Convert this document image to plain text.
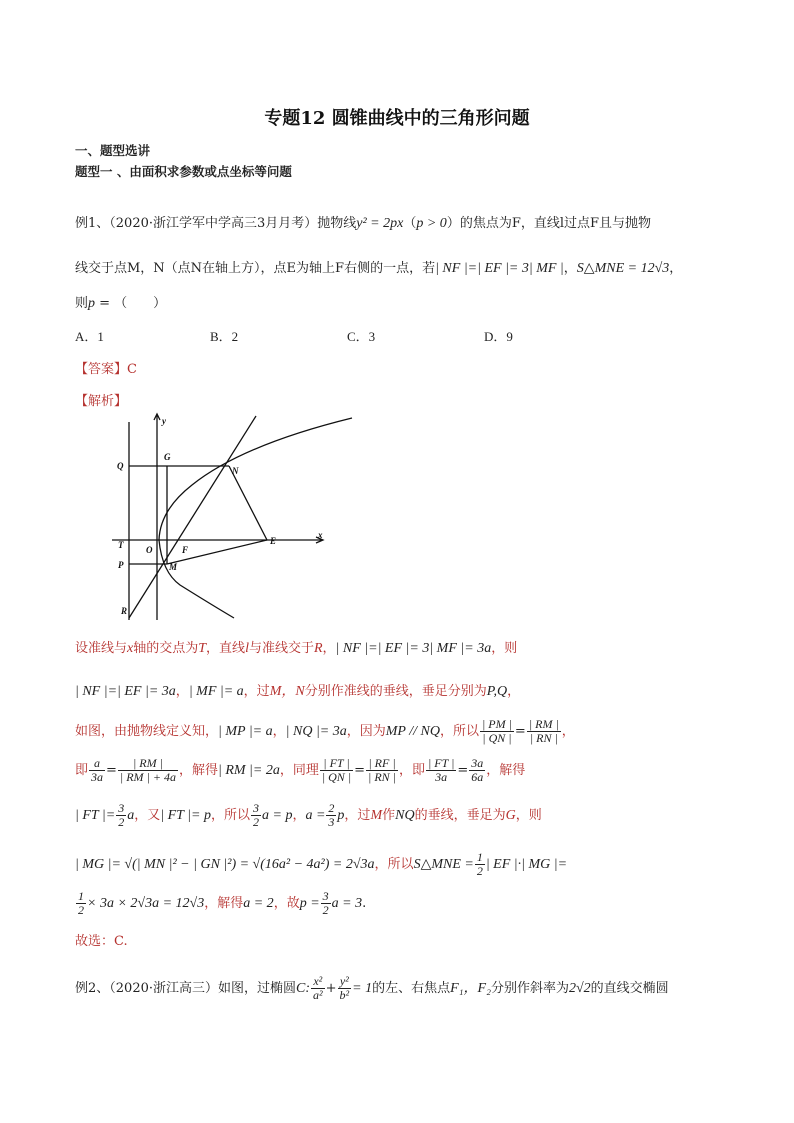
专题12 圆锥曲线中的三角形问题
一、题型选讲
题型一 、由面积求参数或点坐标等问题
例1、（2020·浙江学军中学高三3月月考）抛物线y² = 2px（p > 0）的焦点为F，直线l过点F且与抛物
线交于点M，N（点N在轴上方），点E为轴上F右侧的一点，若| NF |=| EF |= 3| MF |，S△MNE = 12√3，
则p = （　　）
A．1	B．2	C．3	D．9
【答案】C
【解析】
y
x
Q
G
N
T	O	F
E
P	M
R
设准线与x轴的交点为T，直线l与准线交于R，| NF |=| EF |= 3| MF |= 3a，则
| NF |=| EF |= 3a，| MF |= a，过M，N分别作准线的垂线，垂足分别为P,Q，
如图，由抛物线定义知，| MP |= a，| NQ |= 3a，因为MP // NQ，所以 $\frac{| PM |}{| QN |} = \frac{| RM |}{| RN |}$ ，
即 $\frac{a}{3a} = \frac{| RM |}{| RM | + 4a}$ ，解得| RM |= 2a，同理 $\frac{| FT |}{| QN |} = \frac{| RF |}{| RN |}$ ，即 $\frac{| FT |}{3a} = \frac{3a}{6a}$ ，解得
| FT |= $\frac{3}{2}$ a，又| FT |= p，所以 $\frac{3}{2}$ a = p，$a = \frac{2}{3}$ p，过M作NQ的垂线，垂足为G，则
| MG |= √(| MN |² − | GN |²) = √(16a² − 4a²) = 2√3a，所以S△MNE = $\frac{1}{2}$ | EF |·| MG |=
$\frac{1}{2} \times 3a \times 2√3a = 12√3$，解得a = 2，故$p = \frac{3}{2}$ a = 3.
故选：C.
例2、（2020·浙江高三）如图，过椭圆C: $\frac{\text{x²}}{\text{a²}} + \frac{\text{y²}}{\text{b²}} = 1$的左、右焦点F₁，F₂分别作斜率为2√2的直线交椭圆
